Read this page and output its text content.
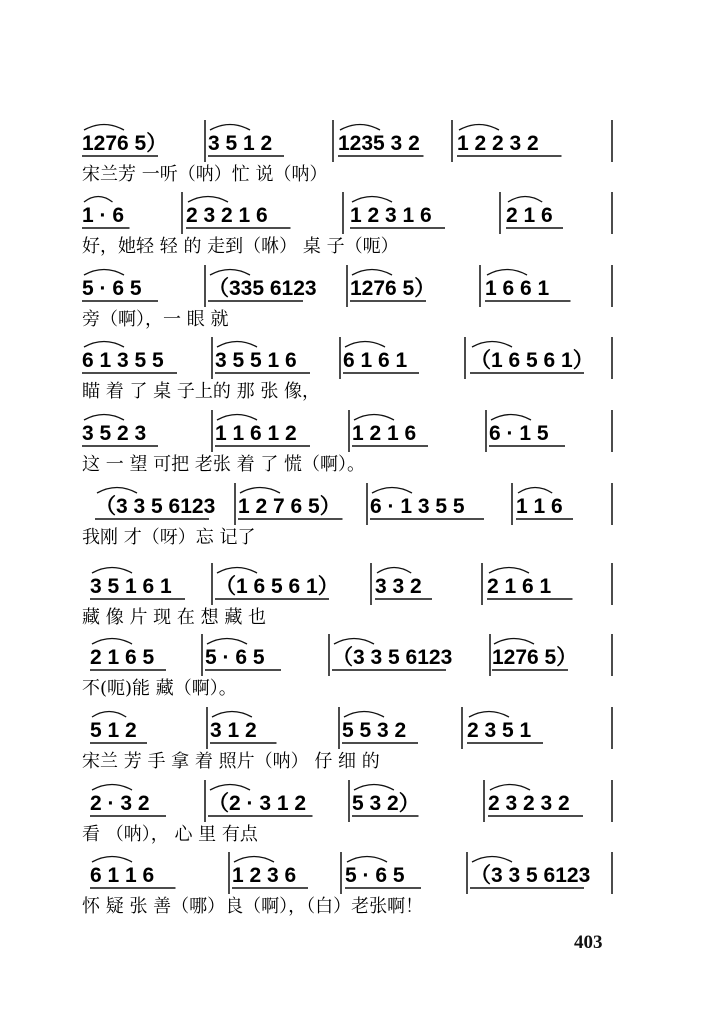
1276 5） 3 5 1 2	1235 3 2 1 2 2 3 2
宋兰芳 一听（呐）忙 说（呐）
1 · 6	2 3 2 1 6	1 2 3 1 6	2 1 6
好，她轻 轻 的 走到（咻） 桌 子（呃）
5 · 6 5	（335 6123 1276 5） 1 6 6 1
旁（啊），一 眼 就
6 1 3 5 5 3 5 5 1 6 6 1 6 1	（1 6 5 6 1）
瞄 着 了 桌 子上的 那 张 像，
3 5 2 3	1 1 6 1 2	1 2 1 6	6 · 1 5
这 一 望 可把 老张 着 了 慌（啊）。
（3 3 5 6123 1 2 7 6 5） 6 · 1 3 5 5 1 1 6
我刚 才（呀）忘 记了
3 5 1 6 1 （1 6 5 6 1） 3 3 2	2 1 6 1
藏 像 片 现 在 想 藏 也
2 1 6 5 5 · 6 5	（3 3 5 6123 1276 5）
不(呃)能 藏（啊）。
5 1 2	3 1 2	5 5 3 2	2 3 5 1
宋兰 芳 手 拿 着 照片（呐） 仔 细 的
2 · 3 2	（2 · 3 1 2 5 3 2）	2 3 2 3 2
看 （呐）， 心 里 有点
6 1 1 6	1 2 3 6 5 · 6 5	（3 3 5 6123
怀 疑 张 善（哪）良（啊），（白）老张啊！
403
